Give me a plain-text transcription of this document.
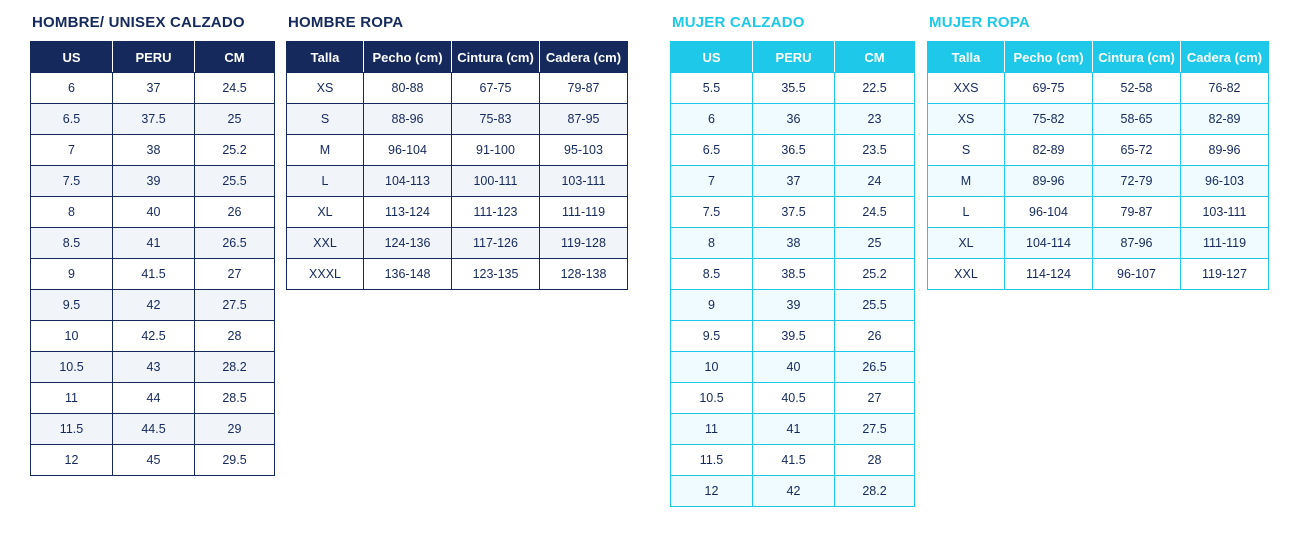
HOMBRE/ UNISEX CALZADO
US	PERU	CM
6	37	24.5
6.5	37.5	25
7	38	25.2
7.5	39	25.5
8	40	26
8.5	41	26.5
9	41.5	27
9.5	42	27.5
10	42.5	28
10.5	43	28.2
11	44	28.5
11.5	44.5	29
12	45	29.5
HOMBRE ROPA
Talla	Pecho (cm)	Cintura (cm)	Cadera (cm)
XS	80-88	67-75	79-87
S	88-96	75-83	87-95
M	96-104	91-100	95-103
L	104-113	100-111	103-111
XL	113-124	111-123	111-119
XXL	124-136	117-126	119-128
XXXL	136-148	123-135	128-138
MUJER CALZADO
US	PERU	CM
5.5	35.5	22.5
6	36	23
6.5	36.5	23.5
7	37	24
7.5	37.5	24.5
8	38	25
8.5	38.5	25.2
9	39	25.5
9.5	39.5	26
10	40	26.5
10.5	40.5	27
11	41	27.5
11.5	41.5	28
12	42	28.2
MUJER ROPA
Talla	Pecho (cm)	Cintura (cm)	Cadera (cm)
XXS	69-75	52-58	76-82
XS	75-82	58-65	82-89
S	82-89	65-72	89-96
M	89-96	72-79	96-103
L	96-104	79-87	103-111
XL	104-114	87-96	111-119
XXL	114-124	96-107	119-127
